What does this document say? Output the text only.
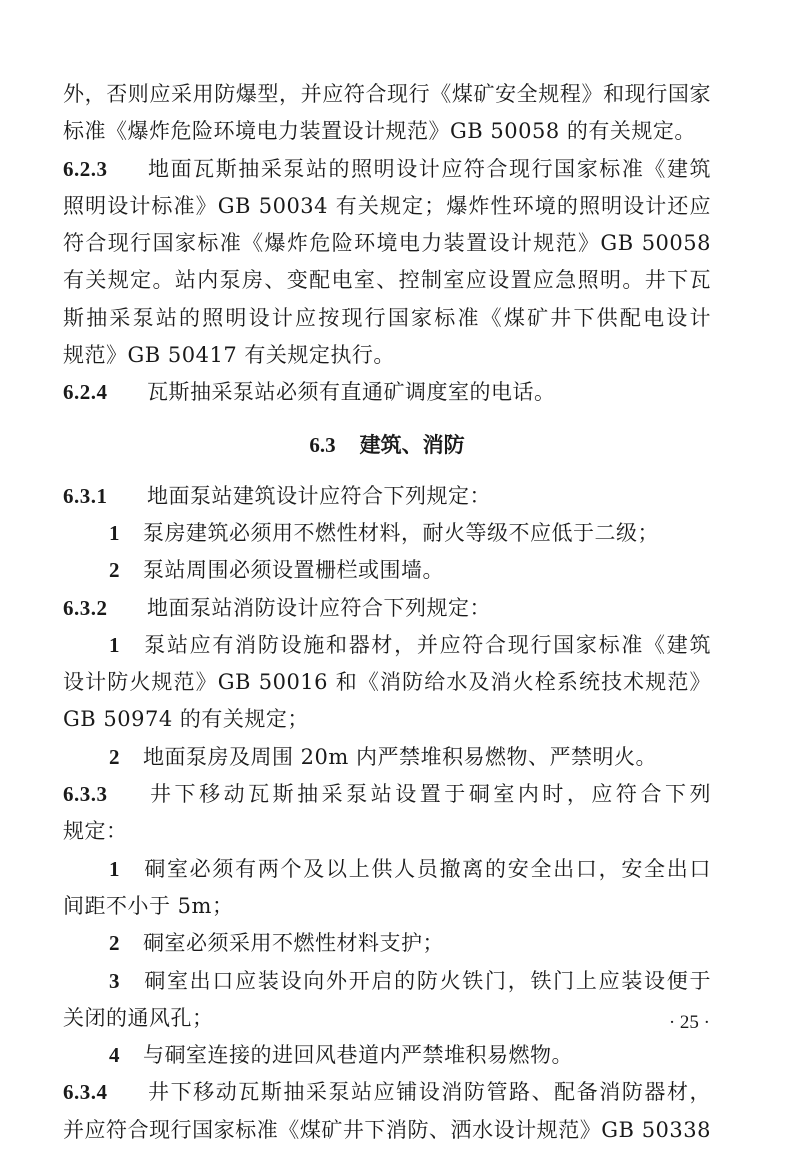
外，否则应采用防爆型，并应符合现行《煤矿安全规程》和现行国家
标准《爆炸危险环境电力装置设计规范》GB 50058 的有关规定。
6.2.3 地面瓦斯抽采泵站的照明设计应符合现行国家标准《建筑
照明设计标准》GB 50034 有关规定；爆炸性环境的照明设计还应
符合现行国家标准《爆炸危险环境电力装置设计规范》GB 50058
有关规定。站内泵房、变配电室、控制室应设置应急照明。井下瓦
斯抽采泵站的照明设计应按现行国家标准《煤矿井下供配电设计
规范》GB 50417 有关规定执行。
6.2.4 瓦斯抽采泵站必须有直通矿调度室的电话。
6.3 建筑、消防
6.3.1 地面泵站建筑设计应符合下列规定：
1 泵房建筑必须用不燃性材料，耐火等级不应低于二级；
2 泵站周围必须设置栅栏或围墙。
6.3.2 地面泵站消防设计应符合下列规定：
1 泵站应有消防设施和器材，并应符合现行国家标准《建筑
设计防火规范》GB 50016 和《消防给水及消火栓系统技术规范》
GB 50974 的有关规定；
2 地面泵房及周围 20m 内严禁堆积易燃物、严禁明火。
6.3.3 井下移动瓦斯抽采泵站设置于硐室内时，应符合下列
规定：
1 硐室必须有两个及以上供人员撤离的安全出口，安全出口
间距不小于 5m；
2 硐室必须采用不燃性材料支护；
3 硐室出口应装设向外开启的防火铁门，铁门上应装设便于
关闭的通风孔；
4 与硐室连接的进回风巷道内严禁堆积易燃物。
6.3.4 井下移动瓦斯抽采泵站应铺设消防管路、配备消防器材，
并应符合现行国家标准《煤矿井下消防、洒水设计规范》GB 50338
· 25 ·
